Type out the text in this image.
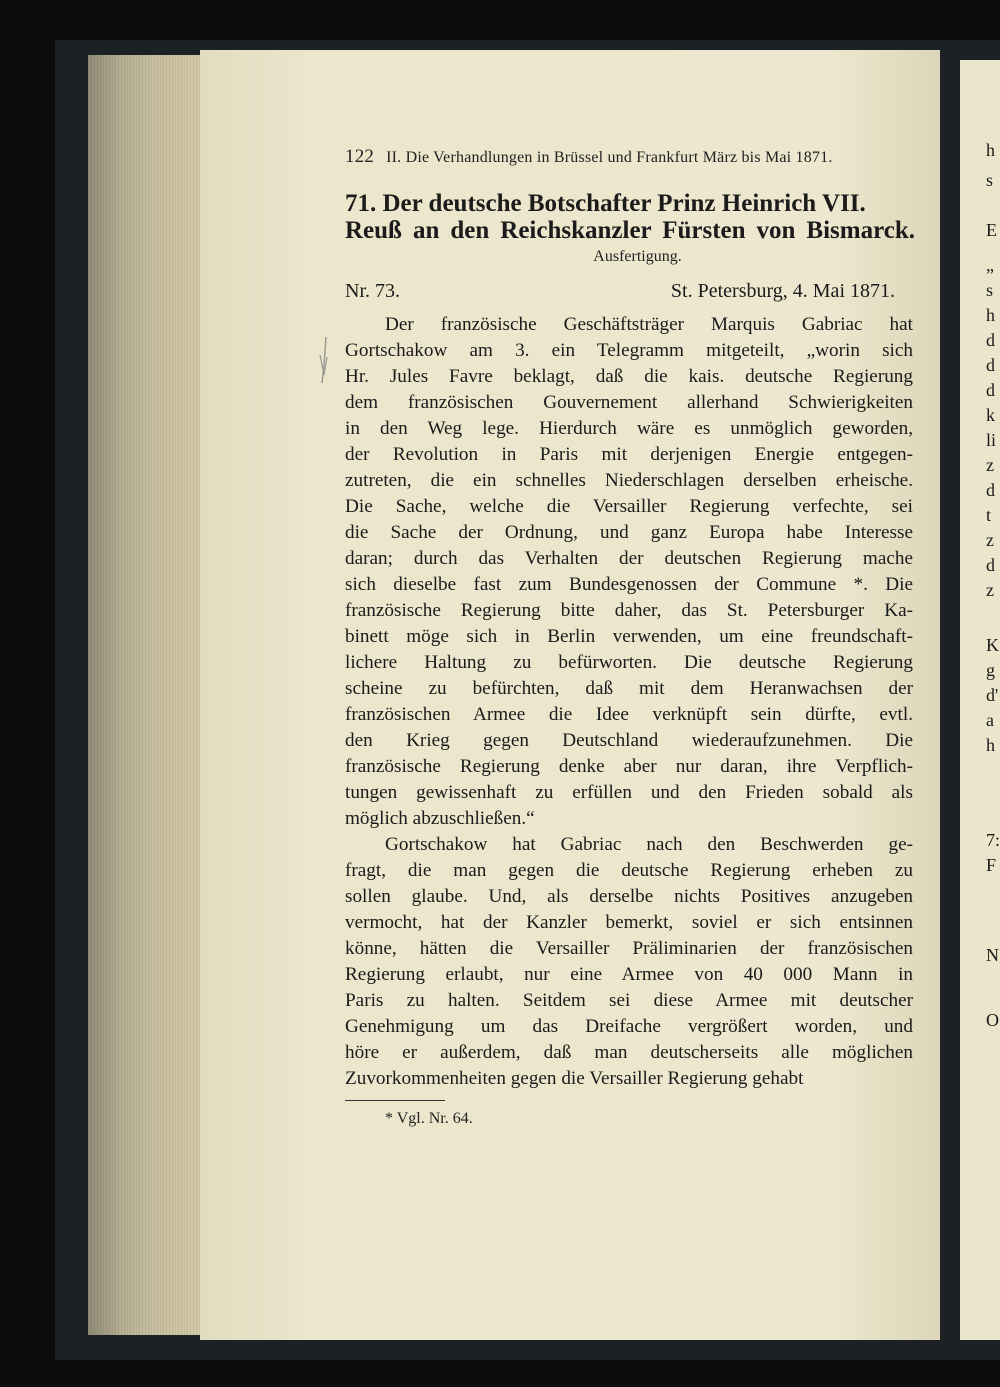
h
s
E
„
s
h
d
d
d
k
li
z
d
t
z
d
z
K
g
d'
a
h
7:
F
N
O
122 II. Die Verhandlungen in Brüssel und Frankfurt März bis Mai 1871.
71. Der deutsche Botschafter Prinz Heinrich VII.
Reuß an den Reichskanzler Fürsten von Bismarck.
Ausfertigung.
Nr. 73.	St. Petersburg, 4. Mai 1871.
Der französische Geschäftsträger Marquis Gabriac hat
Gortschakow am 3. ein Telegramm mitgeteilt, „worin sich
Hr. Jules Favre beklagt, daß die kais. deutsche Regierung
dem französischen Gouvernement allerhand Schwierigkeiten
in den Weg lege. Hierdurch wäre es unmöglich geworden,
der Revolution in Paris mit derjenigen Energie entgegen-
zutreten, die ein schnelles Niederschlagen derselben erheische.
Die Sache, welche die Versailler Regierung verfechte, sei
die Sache der Ordnung, und ganz Europa habe Interesse
daran; durch das Verhalten der deutschen Regierung mache
sich dieselbe fast zum Bundesgenossen der Commune *. Die
französische Regierung bitte daher, das St. Petersburger Ka-
binett möge sich in Berlin verwenden, um eine freundschaft-
lichere Haltung zu befürworten. Die deutsche Regierung
scheine zu befürchten, daß mit dem Heranwachsen der
französischen Armee die Idee verknüpft sein dürfte, evtl.
den Krieg gegen Deutschland wiederaufzunehmen. Die
französische Regierung denke aber nur daran, ihre Verpflich-
tungen gewissenhaft zu erfüllen und den Frieden sobald als
möglich abzuschließen.“
Gortschakow hat Gabriac nach den Beschwerden ge-
fragt, die man gegen die deutsche Regierung erheben zu
sollen glaube. Und, als derselbe nichts Positives anzugeben
vermocht, hat der Kanzler bemerkt, soviel er sich entsinnen
könne, hätten die Versailler Präliminarien der französischen
Regierung erlaubt, nur eine Armee von 40 000 Mann in
Paris zu halten. Seitdem sei diese Armee mit deutscher
Genehmigung um das Dreifache vergrößert worden, und
höre er außerdem, daß man deutscherseits alle möglichen
Zuvorkommenheiten gegen die Versailler Regierung gehabt
* Vgl. Nr. 64.
